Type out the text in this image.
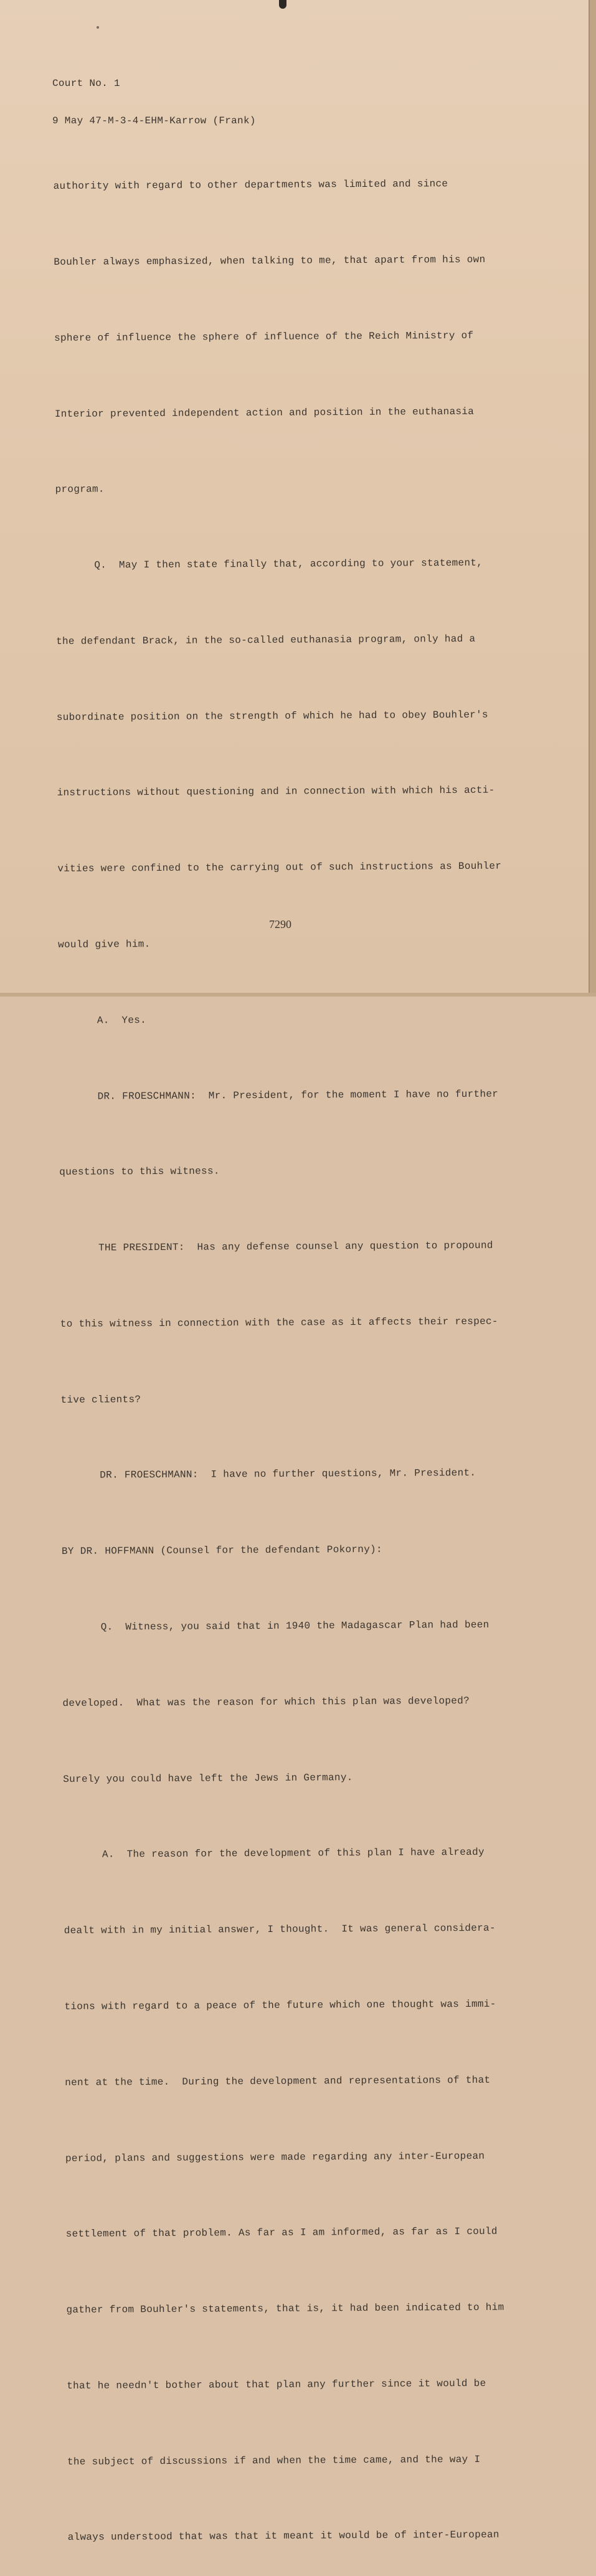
Court No. 1

9 May 47-M-3-4-EHM-Karrow (Frank)

authority with regard to other departments was limited and since

Bouhler always emphasized, when talking to me, that apart from his own

sphere of influence the sphere of influence of the Reich Ministry of

Interior prevented independent action and position in the euthanasia

program.

Q.  May I then state finally that, according to your statement,

the defendant Brack, in the so-called euthanasia program, only had a

subordinate position on the strength of which he had to obey Bouhler's

instructions without questioning and in connection with which his acti-

vities were confined to the carrying out of such instructions as Bouhler

would give him.

A.  Yes.

DR. FROESCHMANN:  Mr. President, for the moment I have no further

questions to this witness.

THE PRESIDENT:  Has any defense counsel any question to propound

to this witness in connection with the case as it affects their respec-

tive clients?

DR. FROESCHMANN:  I have no further questions, Mr. President.

BY DR. HOFFMANN (Counsel for the defendant Pokorny):

Q.  Witness, you said that in 1940 the Madagascar Plan had been

developed.  What was the reason for which this plan was developed?

Surely you could have left the Jews in Germany.

A.  The reason for the development of this plan I have already

dealt with in my initial answer, I thought.  It was general considera-

tions with regard to a peace of the future which one thought was immi-

nent at the time.  During the development and representations of that

period, plans and suggestions were made regarding any inter-European

settlement of that problem. As far as I am informed, as far as I could

gather from Bouhler's statements, that is, it had been indicated to him

that he needn't bother about that plan any further since it would be

the subject of discussions if and when the time came, and the way I

always understood that was that it meant it would be of inter-European

7290
